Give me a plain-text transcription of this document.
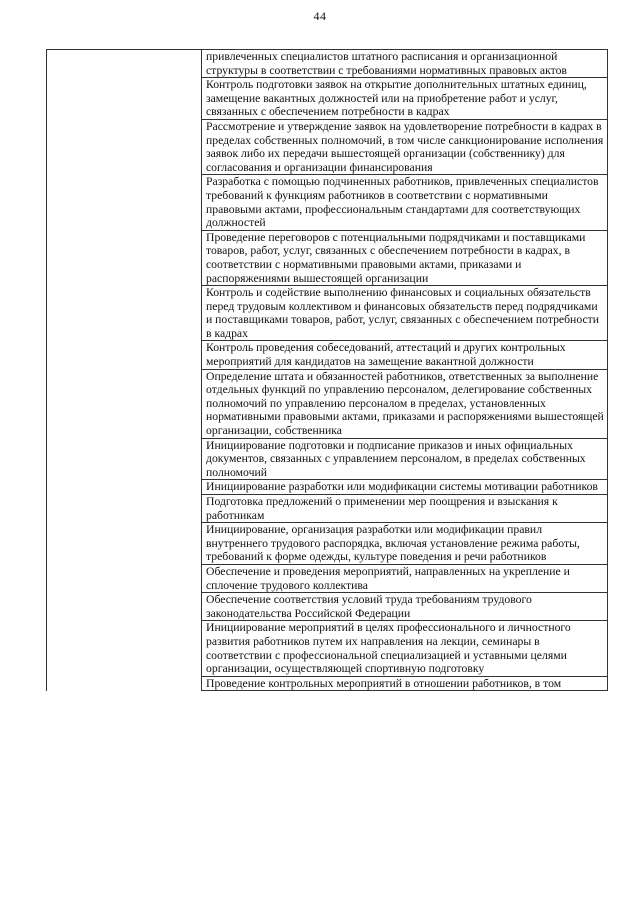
44

	привлеченных специалистов штатного расписания и организационной структуры в соответствии с требованиями нормативных правовых актов

	Контроль подготовки заявок на открытие дополнительных штатных единиц, замещение вакантных должностей или на приобретение работ и услуг, связанных с обеспечением потребности в кадрах

	Рассмотрение и утверждение заявок на удовлетворение потребности в кадрах в пределах собственных полномочий, в том числе санкционирование исполнения заявок либо их передачи вышестоящей организации (собственнику) для согласования и организации финансирования

	Разработка с помощью подчиненных работников, привлеченных специалистов требований к функциям работников в соответствии с нормативными правовыми актами, профессиональным стандартами для соответствующих должностей

	Проведение переговоров с потенциальными подрядчиками и поставщиками товаров, работ, услуг, связанных с обеспечением потребности в кадрах, в соответствии с нормативными правовыми актами, приказами и распоряжениями вышестоящей организации

	Контроль и содействие выполнению финансовых и социальных обязательств перед трудовым коллективом и финансовых обязательств перед подрядчиками и поставщиками товаров, работ, услуг, связанных с обеспечением потребности в кадрах

	Контроль проведения собеседований, аттестаций и других контрольных мероприятий для кандидатов на замещение вакантной должности

	Определение штата и обязанностей работников, ответственных за выполнение отдельных функций по управлению персоналом, делегирование собственных полномочий по управлению персоналом в пределах, установленных нормативными правовыми актами, приказами и распоряжениями вышестоящей организации, собственника

	Инициирование подготовки и подписание приказов и иных официальных документов, связанных с управлением персоналом, в пределах собственных полномочий

	Инициирование разработки или модификации системы мотивации работников

	Подготовка предложений о применении мер поощрения и взыскания к работникам

	Инициирование, организация разработки или модификации правил внутреннего трудового распорядка, включая установление режима работы, требований к форме одежды, культуре поведения и речи работников

	Обеспечение и проведения мероприятий, направленных на укрепление и сплочение трудового коллектива

	Обеспечение соответствия условий труда требованиям трудового законодательства Российской Федерации

	Инициирование мероприятий в целях профессионального и личностного развития работников путем их направления на лекции, семинары в соответствии с профессиональной специализацией и уставными целями организации, осуществляющей спортивную подготовку

	Проведение контрольных мероприятий в отношении работников, в том
